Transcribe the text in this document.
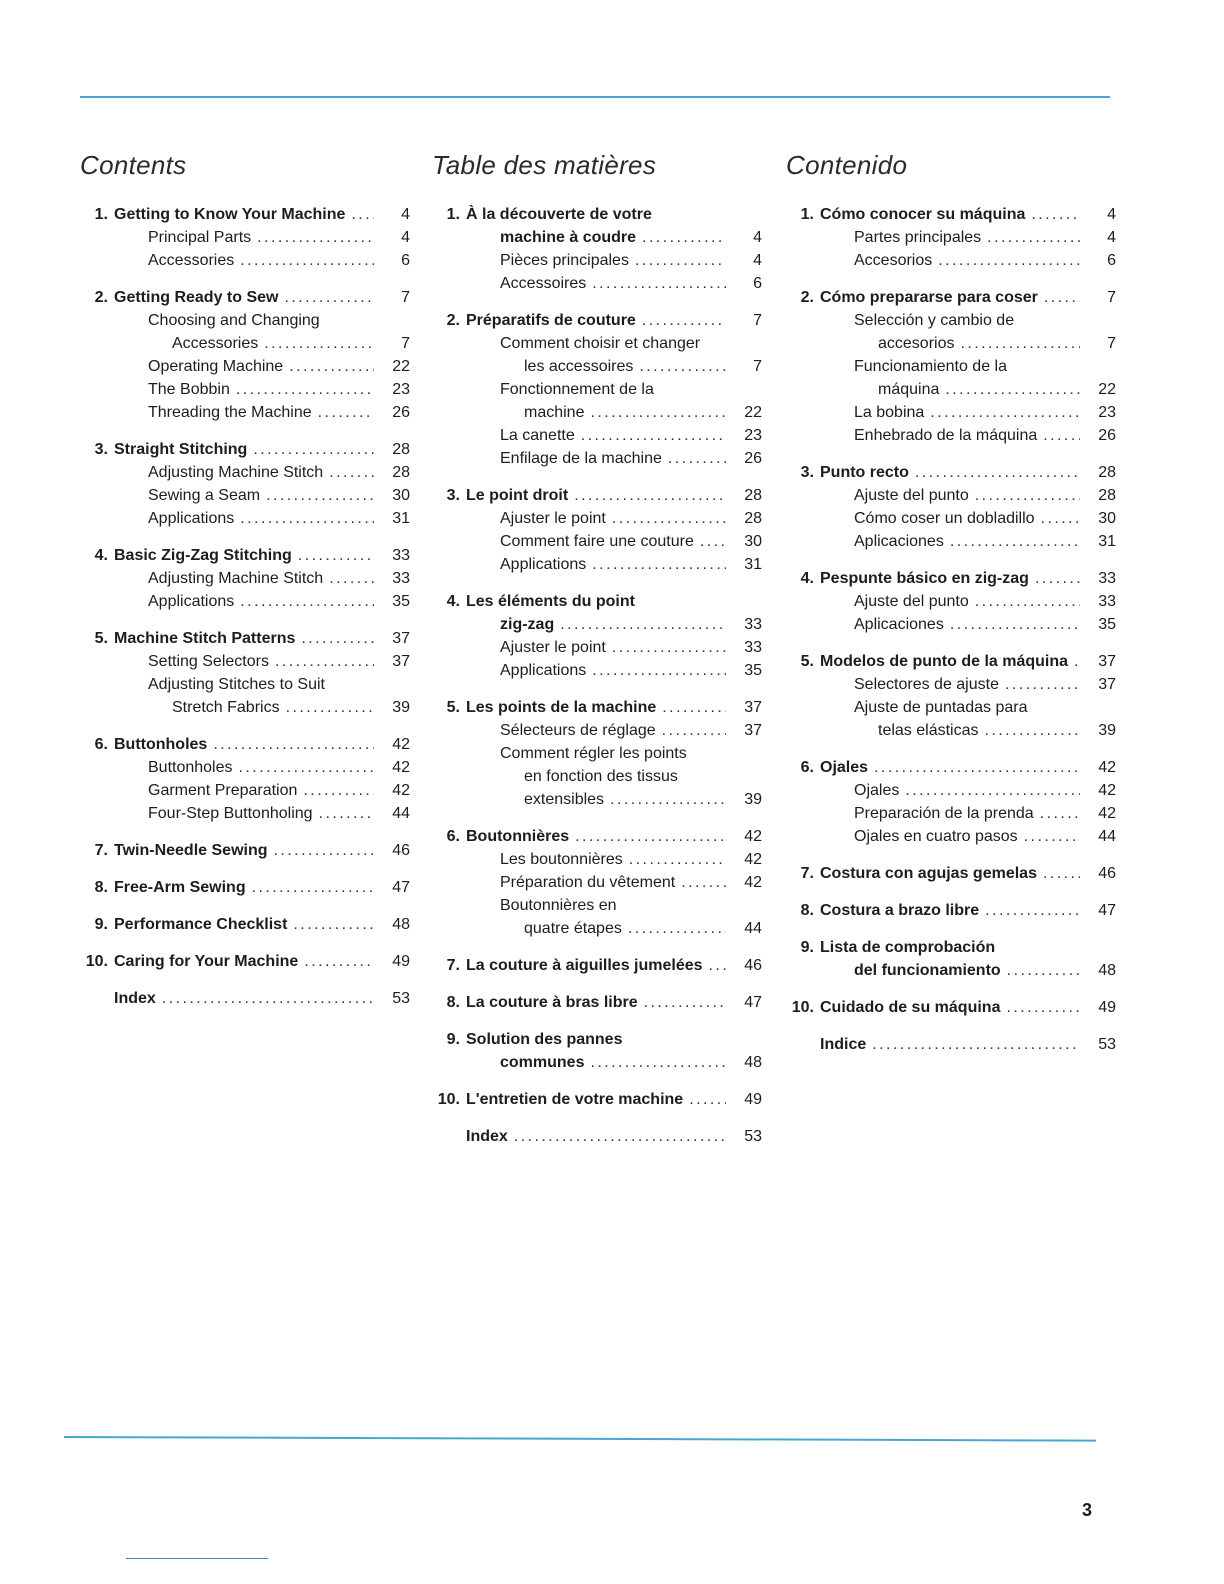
Contents
1. Getting to Know Your Machine . . .	4
Principal Parts . . .	4
Accessories . . .	6
2. Getting Ready to Sew . . .	7
Choosing and Changing
Accessories . . .	7
Operating Machine . . .	22
The Bobbin . . .	23
Threading the Machine . . .	26
3. Straight Stitching . . .	28
Adjusting Machine Stitch . . .	28
Sewing a Seam . . .	30
Applications . . .	31
4. Basic Zig-Zag Stitching . . .	33
Adjusting Machine Stitch . . .	33
Applications . . .	35
5. Machine Stitch Patterns . . .	37
Setting Selectors . . .	37
Adjusting Stitches to Suit
Stretch Fabrics . . .	39
6. Buttonholes . . .	42
Buttonholes . . .	42
Garment Preparation . . .	42
Four-Step Buttonholing . . .	44
7. Twin-Needle Sewing . . .	46
8. Free-Arm Sewing . . .	47
9. Performance Checklist . . .	48
10. Caring for Your Machine . . .	49
Index . . .	53
Table des matières
1. À la découverte de votre
machine à coudre . . .	4
Pièces principales . . .	4
Accessoires . . .	6
2. Préparatifs de couture . . .	7
Comment choisir et changer
les accessoires . . .	7
Fonctionnement de la
machine . . .	22
La canette . . .	23
Enfilage de la machine . . .	26
3. Le point droit . . .	28
Ajuster le point . . .	28
Comment faire une couture . . .	30
Applications . . .	31
4. Les éléments du point
zig-zag . . .	33
Ajuster le point . . .	33
Applications . . .	35
5. Les points de la machine . . .	37
Sélecteurs de réglage . . .	37
Comment régler les points
en fonction des tissus
extensibles . . .	39
6. Boutonnières . . .	42
Les boutonnières . . .	42
Préparation du vêtement . . .	42
Boutonnières en
quatre étapes . . .	44
7. La couture à aiguilles jumelées . . .	46
8. La couture à bras libre . . .	47
9. Solution des pannes
communes . . .	48
10. L'entretien de votre machine . . .	49
Index . . .	53
Contenido
1. Cómo conocer su máquina . . .	4
Partes principales . . .	4
Accesorios . . .	6
2. Cómo prepararse para coser . . .	7
Selección y cambio de
accesorios . . .	7
Funcionamiento de la
máquina . . .	22
La bobina . . .	23
Enhebrado de la máquina . . .	26
3. Punto recto . . .	28
Ajuste del punto . . .	28
Cómo coser un dobladillo . . .	30
Aplicaciones . . .	31
4. Pespunte básico en zig-zag . . .	33
Ajuste del punto . . .	33
Aplicaciones . . .	35
5. Modelos de punto de la máquina . . .	37
Selectores de ajuste . . .	37
Ajuste de puntadas para
telas elásticas . . .	39
6. Ojales . . .	42
Ojales . . .	42
Preparación de la prenda . . .	42
Ojales en cuatro pasos . . .	44
7. Costura con agujas gemelas . . .	46
8. Costura a brazo libre . . .	47
9. Lista de comprobación
del funcionamiento . . .	48
10. Cuidado de su máquina . . .	49
Indice . . .	53
3
